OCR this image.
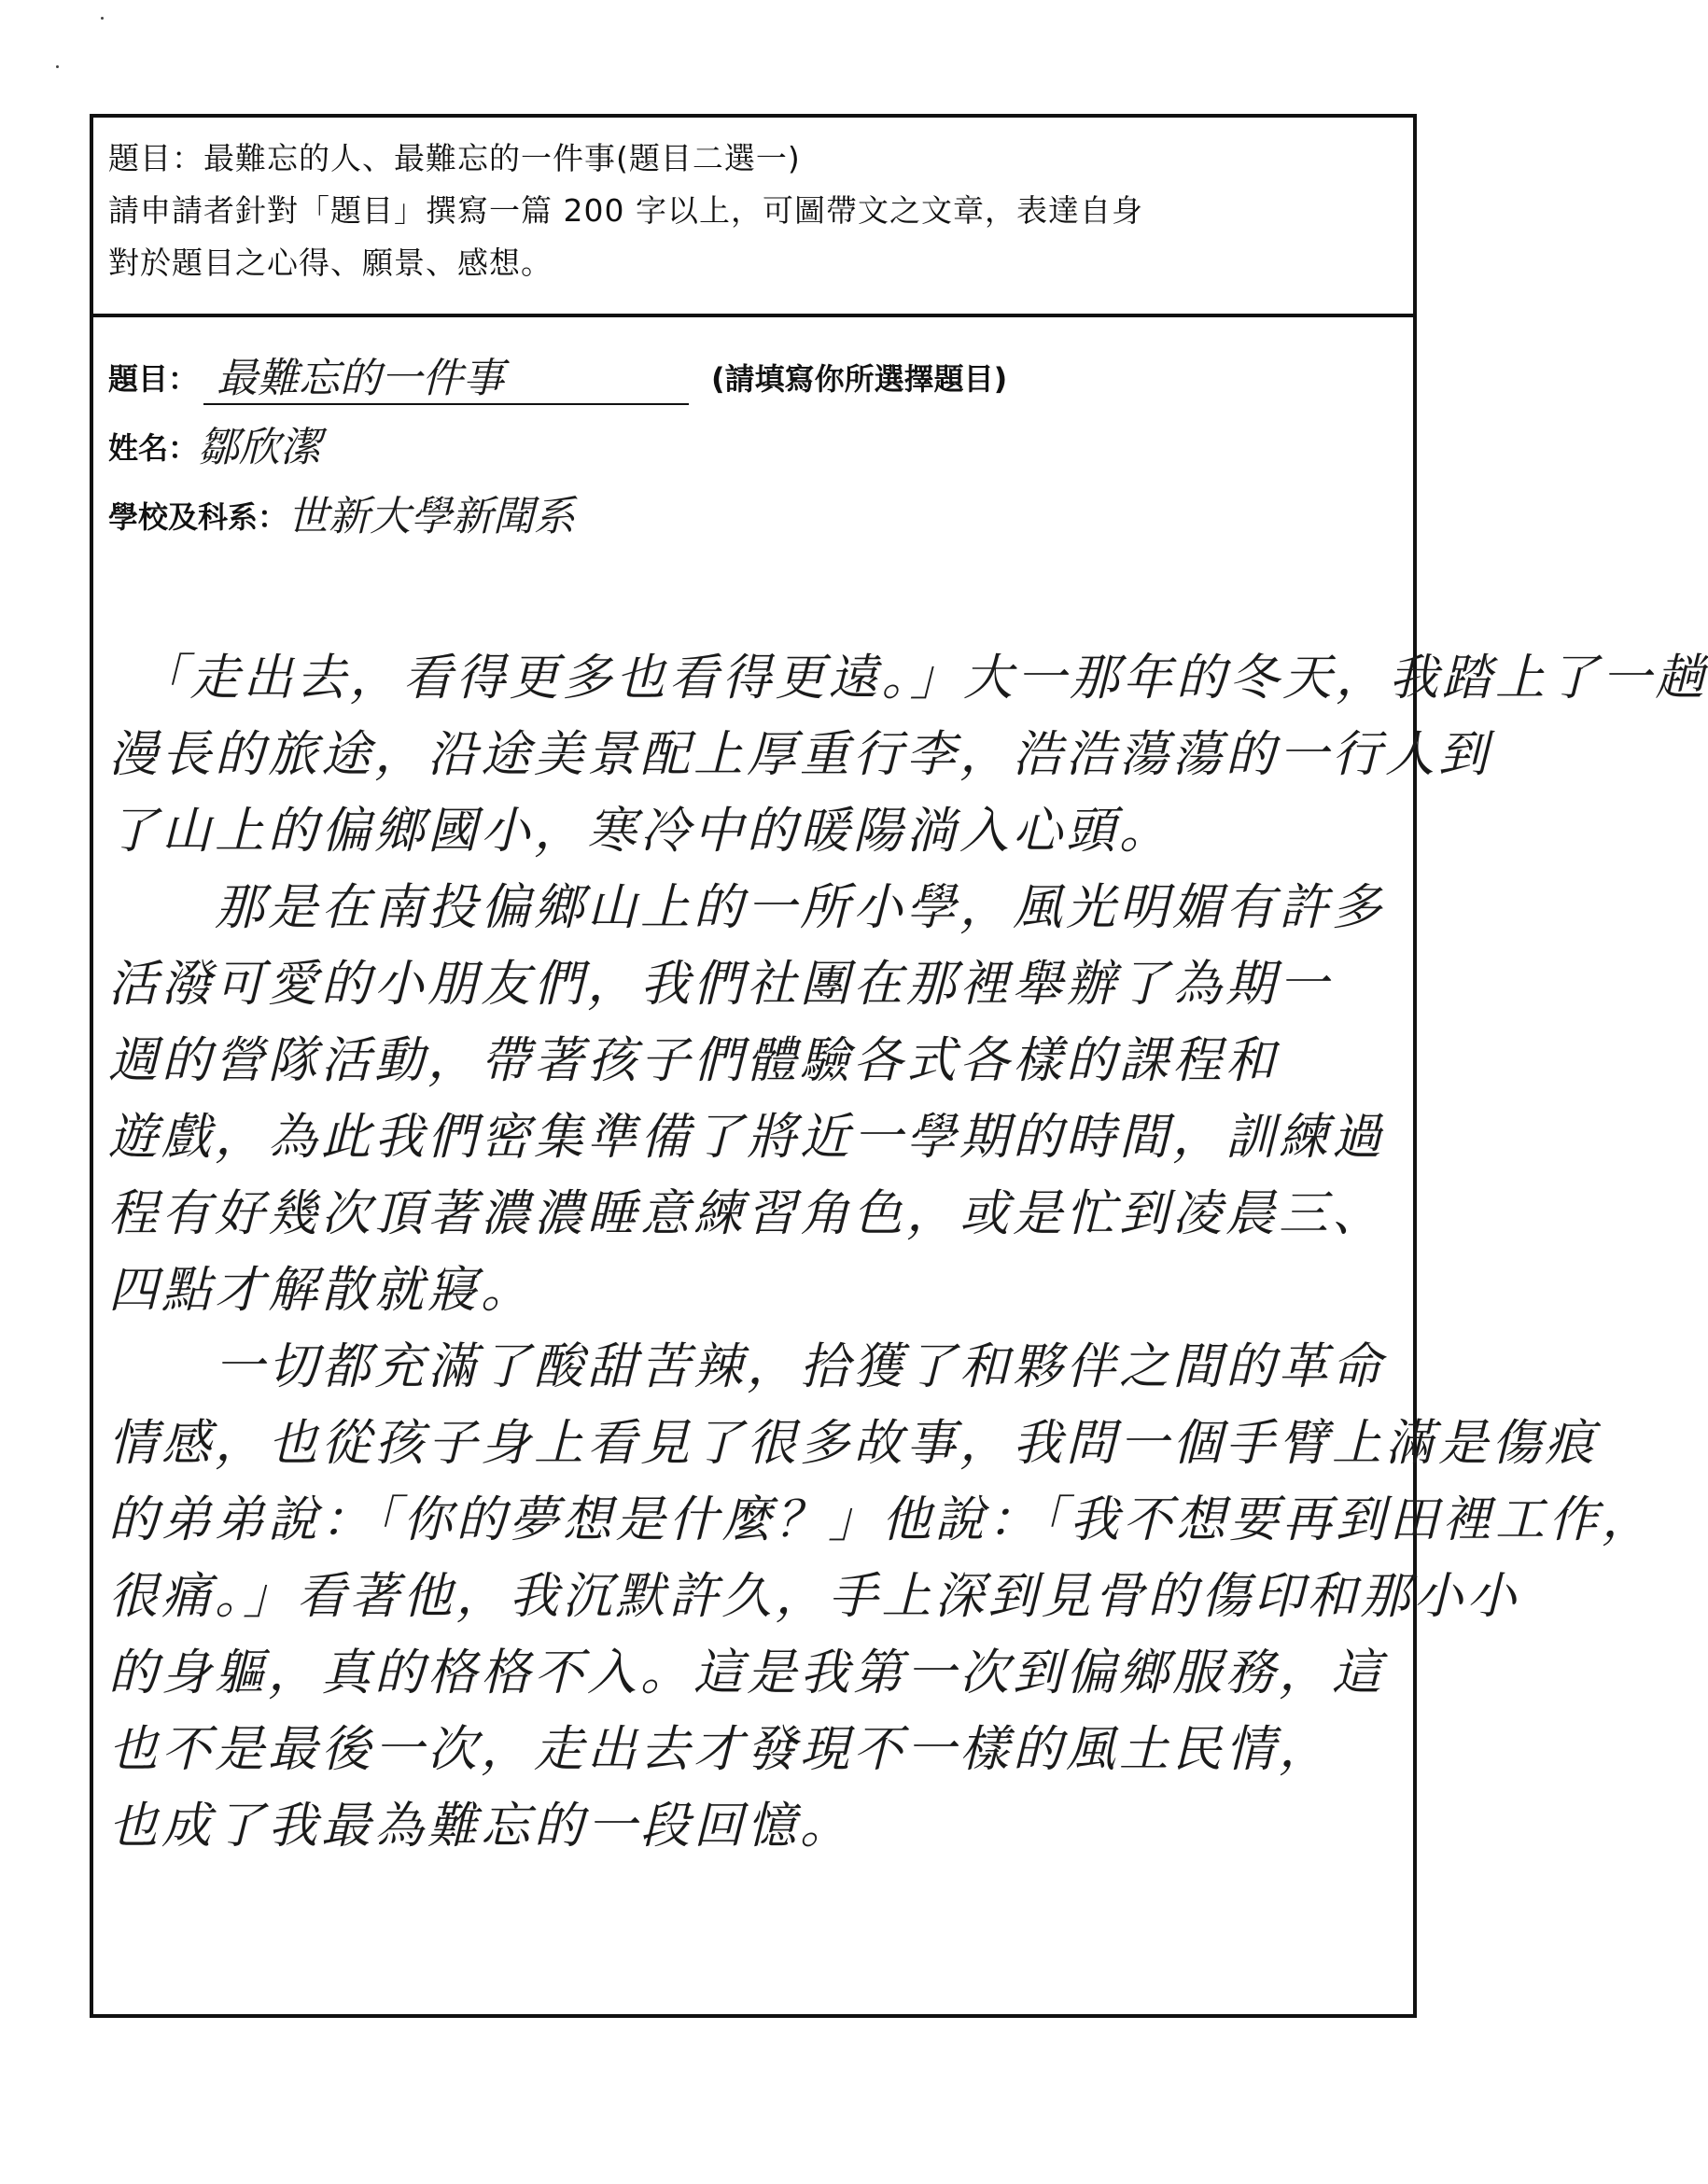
題目：最難忘的人、最難忘的一件事(題目二選一)
請申請者針對「題目」撰寫一篇 200 字以上，可圖帶文之文章，表達自身
對於題目之心得、願景、感想。
題目： 最難忘的一件事	(請填寫你所選擇題目)
姓名： 鄒欣潔
學校及科系： 世新大學新聞系
　「走出去，看得更多也看得更遠。」大一那年的冬天，我踏上了一趟
漫長的旅途，沿途美景配上厚重行李，浩浩蕩蕩的一行人到
了山上的偏鄉國小，寒冷中的暖陽淌入心頭。
　　那是在南投偏鄉山上的一所小學，風光明媚有許多
活潑可愛的小朋友們，我們社團在那裡舉辦了為期一
週的營隊活動，帶著孩子們體驗各式各樣的課程和
遊戲，為此我們密集準備了將近一學期的時間，訓練過
程有好幾次頂著濃濃睡意練習角色，或是忙到凌晨三、
四點才解散就寢。
　　一切都充滿了酸甜苦辣，拾獲了和夥伴之間的革命
情感，也從孩子身上看見了很多故事，我問一個手臂上滿是傷痕
的弟弟說：「你的夢想是什麼？」他說：「我不想要再到田裡工作，
很痛。」看著他，我沉默許久，手上深到見骨的傷印和那小小
的身軀，真的格格不入。這是我第一次到偏鄉服務，這
也不是最後一次，走出去才發現不一樣的風土民情，
也成了我最為難忘的一段回憶。
